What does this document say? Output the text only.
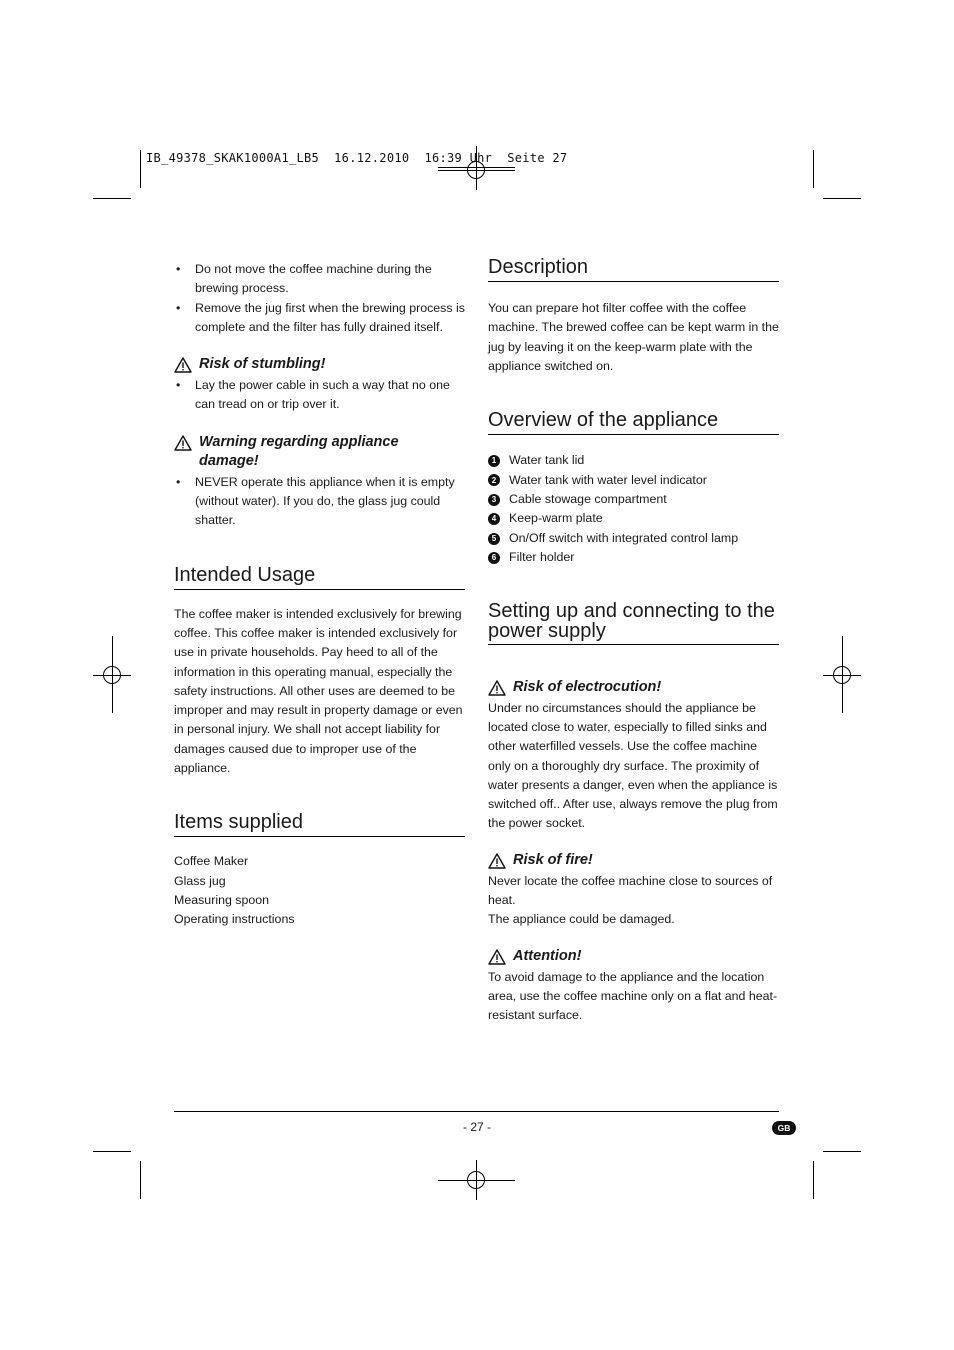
IB_49378_SKAK1000A1_LB5 16.12.2010 16:39 Uhr Seite 27
• Do not move the coffee machine during the brewing process.
• Remove the jug first when the brewing process is complete and the filter has fully drained itself.
Risk of stumbling!
• Lay the power cable in such a way that no one can tread on or trip over it.
Warning regarding appliance damage!
• NEVER operate this appliance when it is empty (without water). If you do, the glass jug could shatter.
Intended Usage
The coffee maker is intended exclusively for brewing coffee. This coffee maker is intended exclusively for use in private households. Pay heed to all of the information in this operating manual, especially the safety instructions. All other uses are deemed to be improper and may result in property damage or even in personal injury. We shall not accept liability for damages caused due to improper use of the appliance.
Items supplied
Coffee Maker
Glass jug
Measuring spoon
Operating instructions
Description
You can prepare hot filter coffee with the coffee machine. The brewed coffee can be kept warm in the jug by leaving it on the keep-warm plate with the appliance switched on.
Overview of the appliance
1	Water tank lid
2	Water tank with water level indicator
3	Cable stowage compartment
4	Keep-warm plate
5	On/Off switch with integrated control lamp
6	Filter holder
Setting up and connecting to the power supply
Risk of electrocution!
Under no circumstances should the appliance be located close to water, especially to filled sinks and other waterfilled vessels. Use the coffee machine only on a thoroughly dry surface. The proximity of water presents a danger, even when the appliance is switched off.. After use, always remove the plug from the power socket.
Risk of fire!
Never locate the coffee machine close to sources of heat.
The appliance could be damaged.
Attention!
To avoid damage to the appliance and the location area, use the coffee machine only on a flat and heat-resistant surface.
- 27 -	GB
